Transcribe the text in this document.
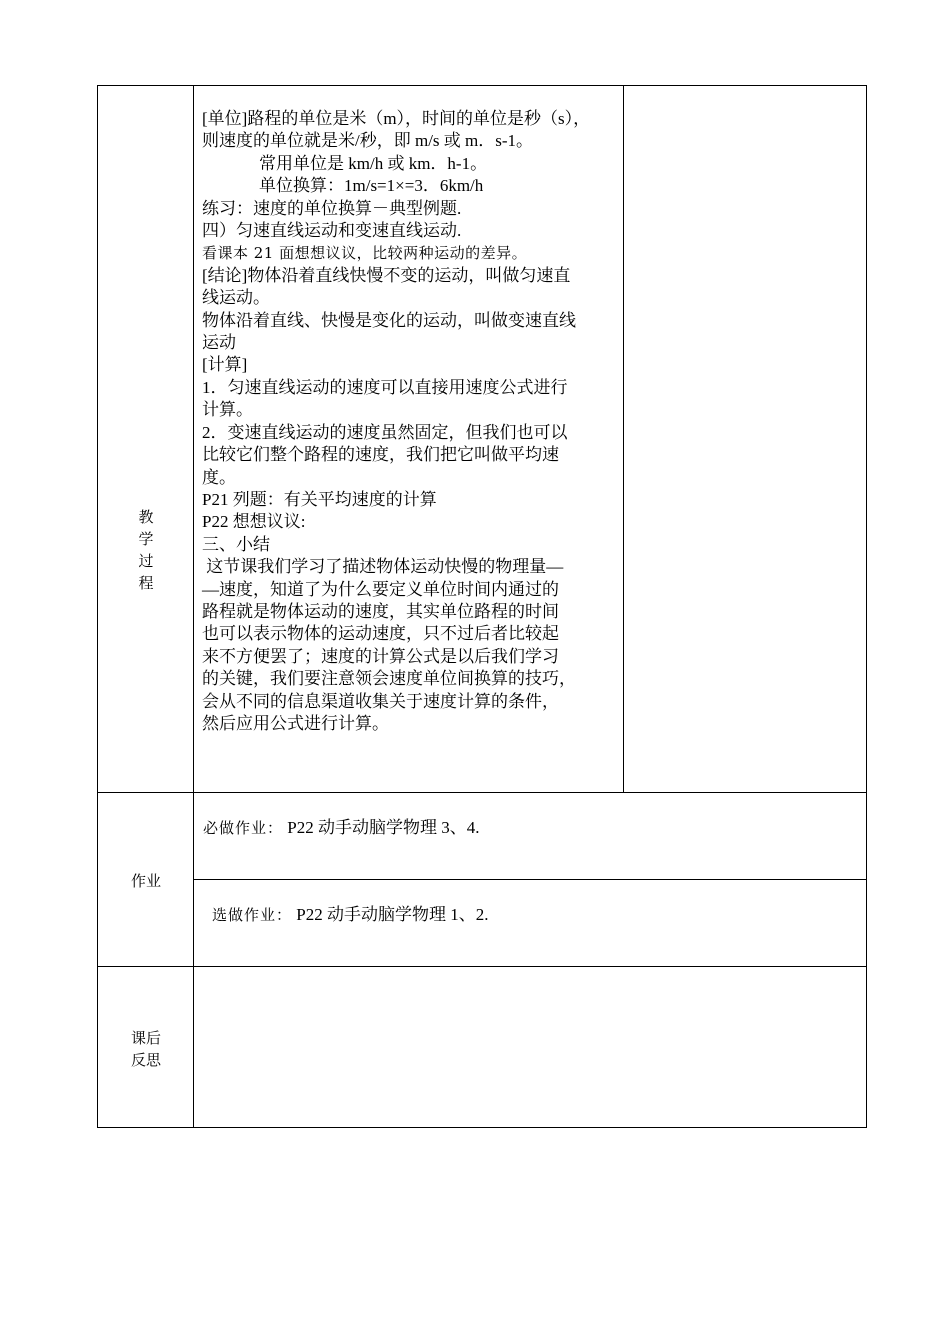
教学过程
作业
课后
反思
[单位]路程的单位是米（m），时间的单位是秒（s），
则速度的单位就是米/秒，即 m/s 或 m．s-1。
常用单位是 km/h 或 km．h-1。
单位换算：1m/s=1×=3．6km/h
练习：速度的单位换算－典型例题.
四）匀速直线运动和变速直线运动.
看课本 21 面想想议议，比较两种运动的差异。
[结论]物体沿着直线快慢不变的运动，叫做匀速直
线运动。
物体沿着直线、快慢是变化的运动，叫做变速直线
运动
[计算]
1．匀速直线运动的速度可以直接用速度公式进行
计算。
2．变速直线运动的速度虽然固定，但我们也可以
比较它们整个路程的速度，我们把它叫做平均速
度。
P21 列题：有关平均速度的计算
P22 想想议议:
三、小结
这节课我们学习了描述物体运动快慢的物理量—
—速度，知道了为什么要定义单位时间内通过的
路程就是物体运动的速度，其实单位路程的时间
也可以表示物体的运动速度，只不过后者比较起
来不方便罢了；速度的计算公式是以后我们学习
的关键，我们要注意领会速度单位间换算的技巧，
会从不同的信息渠道收集关于速度计算的条件，
然后应用公式进行计算。
必做作业： P22 动手动脑学物理 3、4.
选做作业： P22 动手动脑学物理 1、2.
